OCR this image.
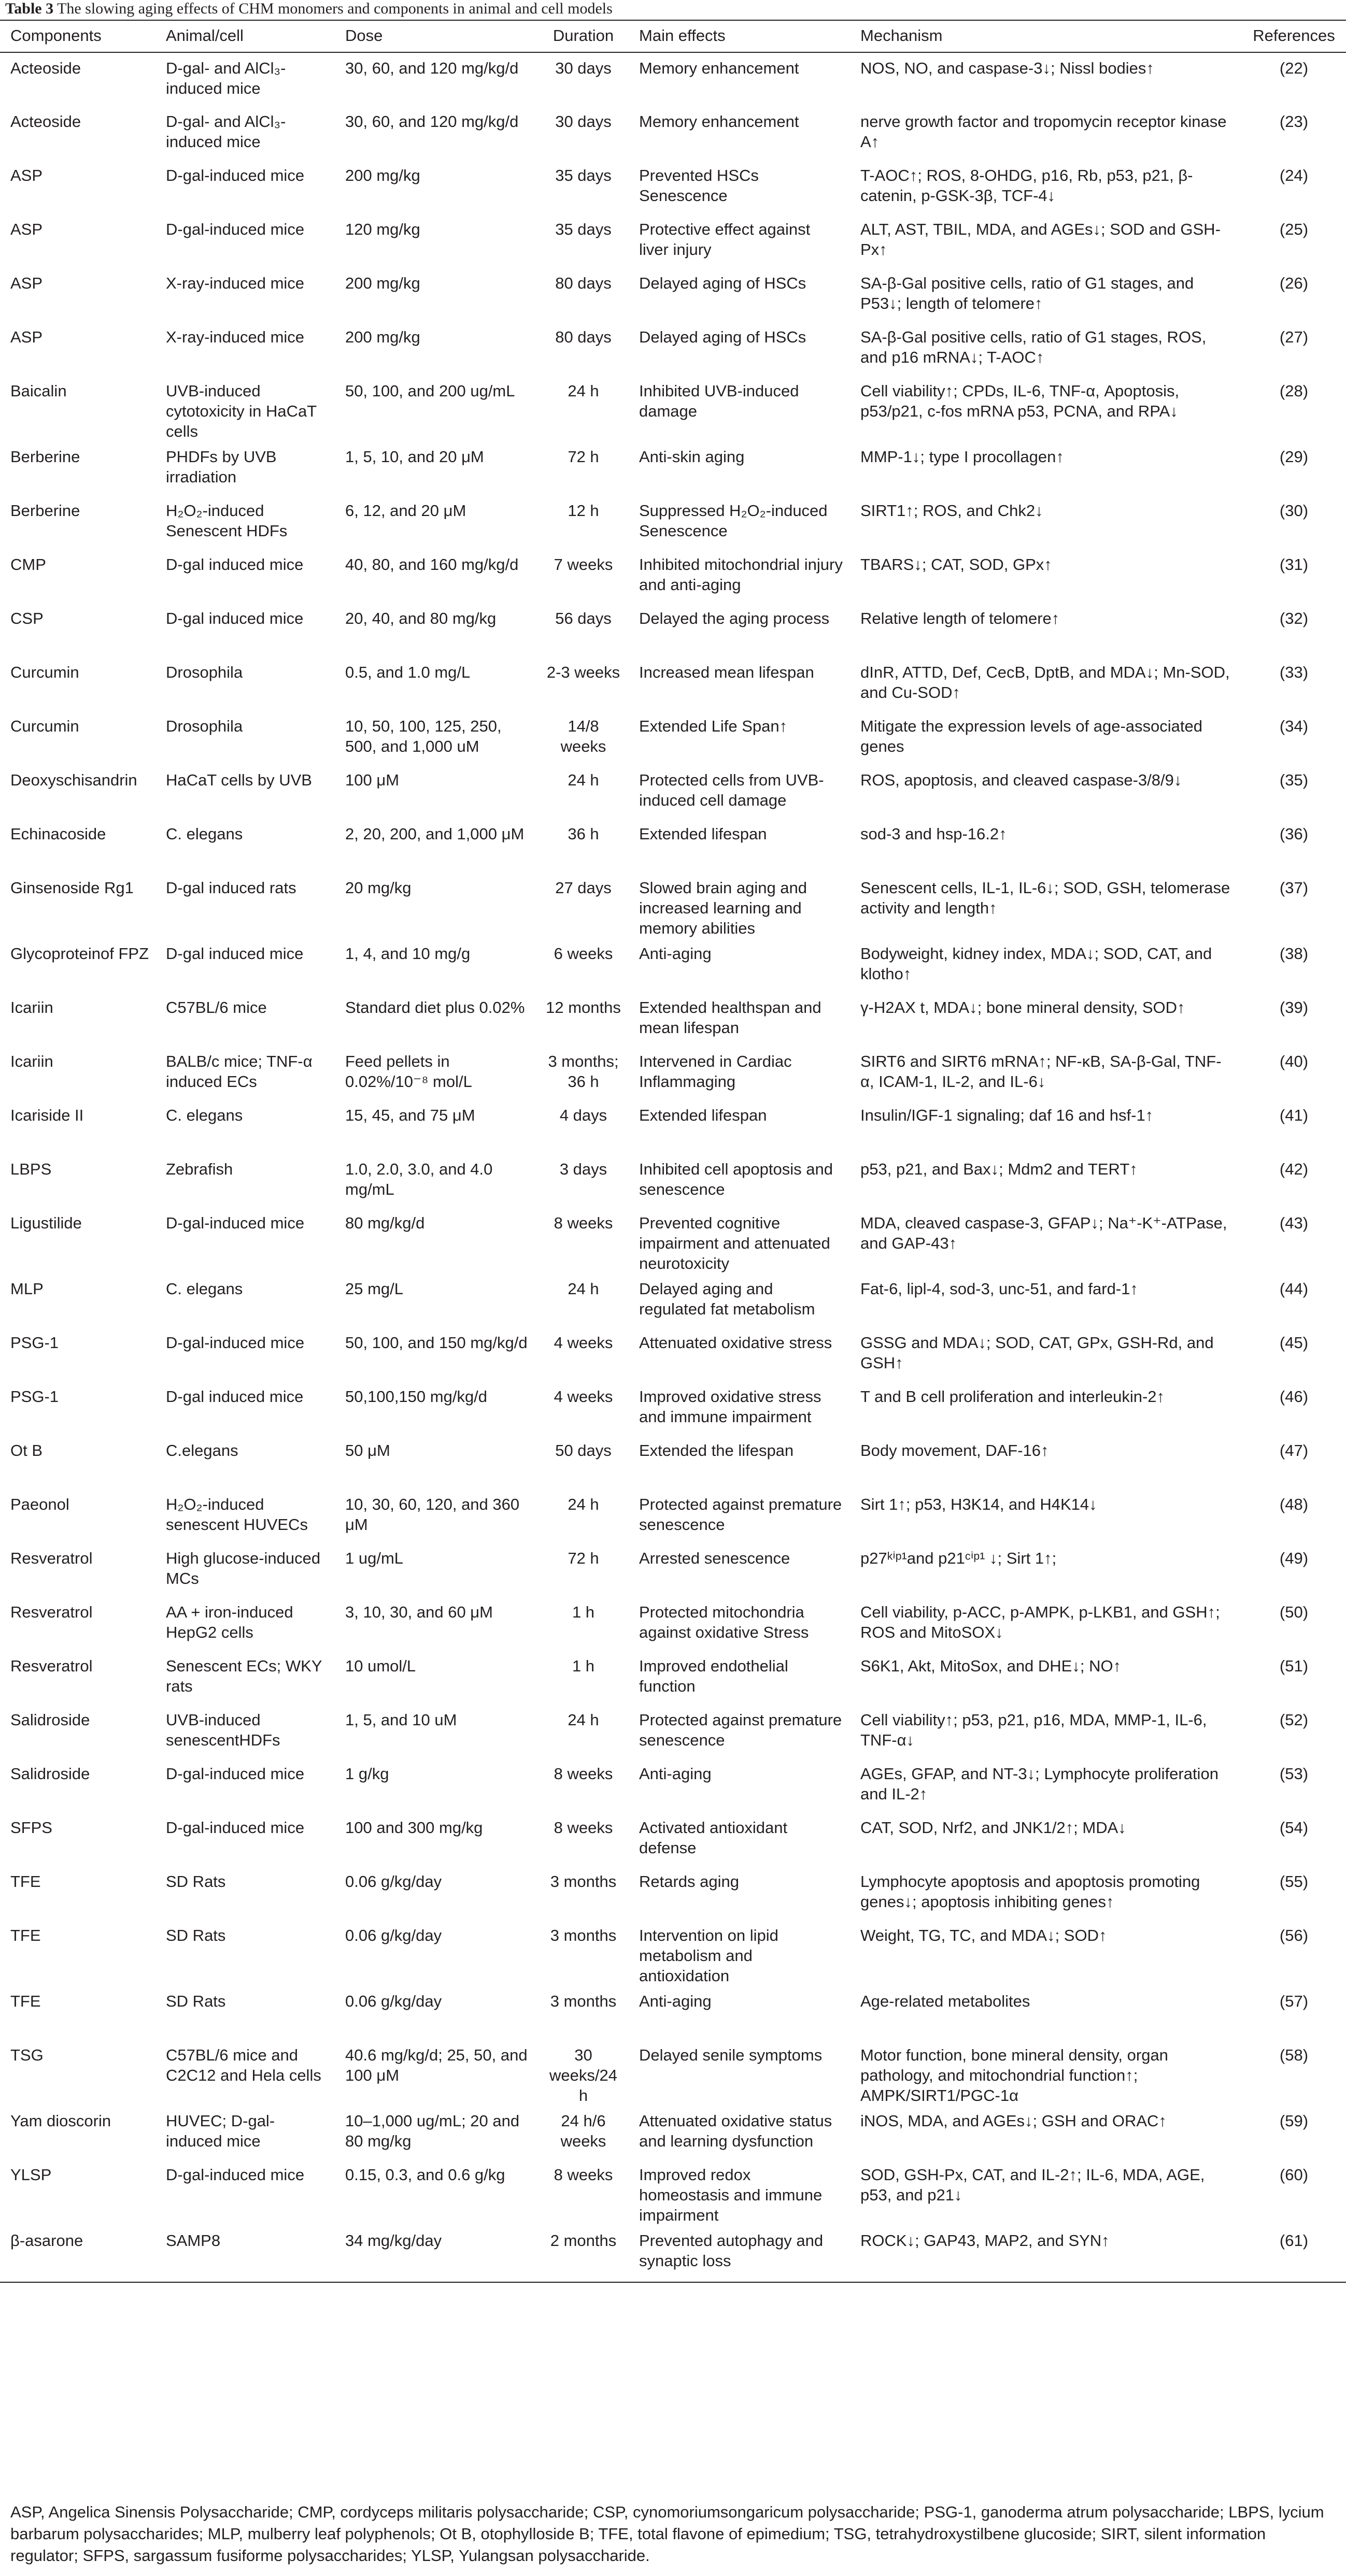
Table 3 The slowing aging effects of CHM monomers and components in animal and cell models
Components	Animal/cell	Dose	Duration	Main effects	Mechanism	References
Acteoside	D-gal- and AlCl₃-induced mice	30, 60, and 120 mg/kg/d	30 days	Memory enhancement	NOS, NO, and caspase-3↓; Nissl bodies↑	(22)
Acteoside	D-gal- and AlCl₃-induced mice	30, 60, and 120 mg/kg/d	30 days	Memory enhancement	nerve growth factor and tropomycin receptor kinase A↑	(23)
ASP	D-gal-induced mice	200 mg/kg	35 days	Prevented HSCs Senescence	T-AOC↑; ROS, 8-OHDG, p16, Rb, p53, p21, β-catenin, p-GSK-3β, TCF-4↓	(24)
ASP	D-gal-induced mice	120 mg/kg	35 days	Protective effect against liver injury	ALT, AST, TBIL, MDA, and AGEs↓; SOD and GSH-Px↑	(25)
ASP	X-ray-induced mice	200 mg/kg	80 days	Delayed aging of HSCs	SA-β-Gal positive cells, ratio of G1 stages, and P53↓; length of telomere↑	(26)
ASP	X-ray-induced mice	200 mg/kg	80 days	Delayed aging of HSCs	SA-β-Gal positive cells, ratio of G1 stages, ROS, and p16 mRNA↓; T-AOC↑	(27)
Baicalin	UVB-induced cytotoxicity in HaCaT cells	50, 100, and 200 ug/mL	24 h	Inhibited UVB-induced damage	Cell viability↑; CPDs, IL-6, TNF-α, Apoptosis, p53/p21, c-fos mRNA p53, PCNA, and RPA↓	(28)
Berberine	PHDFs by UVB irradiation	1, 5, 10, and 20 μM	72 h	Anti-skin aging	MMP-1↓; type I procollagen↑	(29)
Berberine	H₂O₂-induced Senescent HDFs	6, 12, and 20 μM	12 h	Suppressed H₂O₂-induced Senescence	SIRT1↑; ROS, and Chk2↓	(30)
CMP	D-gal induced mice	40, 80, and 160 mg/kg/d	7 weeks	Inhibited mitochondrial injury and anti-aging	TBARS↓; CAT, SOD, GPx↑	(31)
CSP	D-gal induced mice	20, 40, and 80 mg/kg	56 days	Delayed the aging process	Relative length of telomere↑	(32)
Curcumin	Drosophila	0.5, and 1.0 mg/L	2-3 weeks	Increased mean lifespan	dInR, ATTD, Def, CecB, DptB, and MDA↓; Mn-SOD, and Cu-SOD↑	(33)
Curcumin	Drosophila	10, 50, 100, 125, 250, 500, and 1,000 uM	14/8 weeks	Extended Life Span↑	Mitigate the expression levels of age-associated genes	(34)
Deoxyschisandrin	HaCaT cells by UVB	100 μM	24 h	Protected cells from UVB-induced cell damage	ROS, apoptosis, and cleaved caspase-3/8/9↓	(35)
Echinacoside	C. elegans	2, 20, 200, and 1,000 μM	36 h	Extended lifespan	sod-3 and hsp-16.2↑	(36)
Ginsenoside Rg1	D-gal induced rats	20 mg/kg	27 days	Slowed brain aging and increased learning and memory abilities	Senescent cells, IL-1, IL-6↓; SOD, GSH, telomerase activity and length↑	(37)
Glycoproteinof FPZ	D-gal induced mice	1, 4, and 10 mg/g	6 weeks	Anti-aging	Bodyweight, kidney index, MDA↓; SOD, CAT, and klotho↑	(38)
Icariin	C57BL/6 mice	Standard diet plus 0.02%	12 months	Extended healthspan and mean lifespan	γ-H2AX t, MDA↓; bone mineral density, SOD↑	(39)
Icariin	BALB/c mice; TNF-α induced ECs	Feed pellets in 0.02%/10⁻⁸ mol/L	3 months; 36 h	Intervened in Cardiac Inflammaging	SIRT6 and SIRT6 mRNA↑; NF-κB, SA-β-Gal, TNF-α, ICAM-1, IL-2, and IL-6↓	(40)
Icariside II	C. elegans	15, 45, and 75 μM	4 days	Extended lifespan	Insulin/IGF-1 signaling; daf 16 and hsf-1↑	(41)
LBPS	Zebrafish	1.0, 2.0, 3.0, and 4.0 mg/mL	3 days	Inhibited cell apoptosis and senescence	p53, p21, and Bax↓; Mdm2 and TERT↑	(42)
Ligustilide	D-gal-induced mice	80 mg/kg/d	8 weeks	Prevented cognitive impairment and attenuated neurotoxicity	MDA, cleaved caspase-3, GFAP↓; Na⁺-K⁺-ATPase, and GAP-43↑	(43)
MLP	C. elegans	25 mg/L	24 h	Delayed aging and regulated fat metabolism	Fat-6, lipl-4, sod-3, unc-51, and fard-1↑	(44)
PSG-1	D-gal-induced mice	50, 100, and 150 mg/kg/d	4 weeks	Attenuated oxidative stress	GSSG and MDA↓; SOD, CAT, GPx, GSH-Rd, and GSH↑	(45)
PSG-1	D-gal induced mice	50,100,150 mg/kg/d	4 weeks	Improved oxidative stress and immune impairment	T and B cell proliferation and interleukin-2↑	(46)
Ot B	C.elegans	50 μM	50 days	Extended the lifespan	Body movement, DAF-16↑	(47)
Paeonol	H₂O₂-induced senescent HUVECs	10, 30, 60, 120, and 360 μM	24 h	Protected against premature senescence	Sirt 1↑; p53, H3K14, and H4K14↓	(48)
Resveratrol	High glucose-induced MCs	1 ug/mL	72 h	Arrested senescence	p27ᵏⁱᵖ¹and p21ᶜⁱᵖ¹ ↓; Sirt 1↑;	(49)
Resveratrol	AA + iron-induced HepG2 cells	3, 10, 30, and 60 μM	1 h	Protected mitochondria against oxidative Stress	Cell viability, p-ACC, p-AMPK, p-LKB1, and GSH↑; ROS and MitoSOX↓	(50)
Resveratrol	Senescent ECs; WKY rats	10 umol/L	1 h	Improved endothelial function	S6K1, Akt, MitoSox, and DHE↓; NO↑	(51)
Salidroside	UVB-induced senescentHDFs	1, 5, and 10 uM	24 h	Protected against premature senescence	Cell viability↑; p53, p21, p16, MDA, MMP-1, IL-6, TNF-α↓	(52)
Salidroside	D-gal-induced mice	1 g/kg	8 weeks	Anti-aging	AGEs, GFAP, and NT-3↓; Lymphocyte proliferation and IL-2↑	(53)
SFPS	D-gal-induced mice	100 and 300 mg/kg	8 weeks	Activated antioxidant defense	CAT, SOD, Nrf2, and JNK1/2↑; MDA↓	(54)
TFE	SD Rats	0.06 g/kg/day	3 months	Retards aging	Lymphocyte apoptosis and apoptosis promoting genes↓; apoptosis inhibiting genes↑	(55)
TFE	SD Rats	0.06 g/kg/day	3 months	Intervention on lipid metabolism and antioxidation	Weight, TG, TC, and MDA↓; SOD↑	(56)
TFE	SD Rats	0.06 g/kg/day	3 months	Anti-aging	Age-related metabolites	(57)
TSG	C57BL/6 mice and C2C12 and Hela cells	40.6 mg/kg/d; 25, 50, and 100 μM	30 weeks/24 h	Delayed senile symptoms	Motor function, bone mineral density, organ pathology, and mitochondrial function↑; AMPK/SIRT1/PGC-1α	(58)
Yam dioscorin	HUVEC; D-gal-induced mice	10–1,000 ug/mL; 20 and 80 mg/kg	24 h/6 weeks	Attenuated oxidative status and learning dysfunction	iNOS, MDA, and AGEs↓; GSH and ORAC↑	(59)
YLSP	D-gal-induced mice	0.15, 0.3, and 0.6 g/kg	8 weeks	Improved redox homeostasis and immune impairment	SOD, GSH-Px, CAT, and IL-2↑; IL-6, MDA, AGE, p53, and p21↓	(60)
β-asarone	SAMP8	34 mg/kg/day	2 months	Prevented autophagy and synaptic loss	ROCK↓; GAP43, MAP2, and SYN↑	(61)
ASP, Angelica Sinensis Polysaccharide; CMP, cordyceps militaris polysaccharide; CSP, cynomoriumsongaricum polysaccharide; PSG-1, ganoderma atrum polysaccharide; LBPS, lycium barbarum polysaccharides; MLP, mulberry leaf polyphenols; Ot B, otophylloside B; TFE, total flavone of epimedium; TSG, tetrahydroxystilbene glucoside; SIRT, silent information regulator; SFPS, sargassum fusiforme polysaccharides; YLSP, Yulangsan polysaccharide.
